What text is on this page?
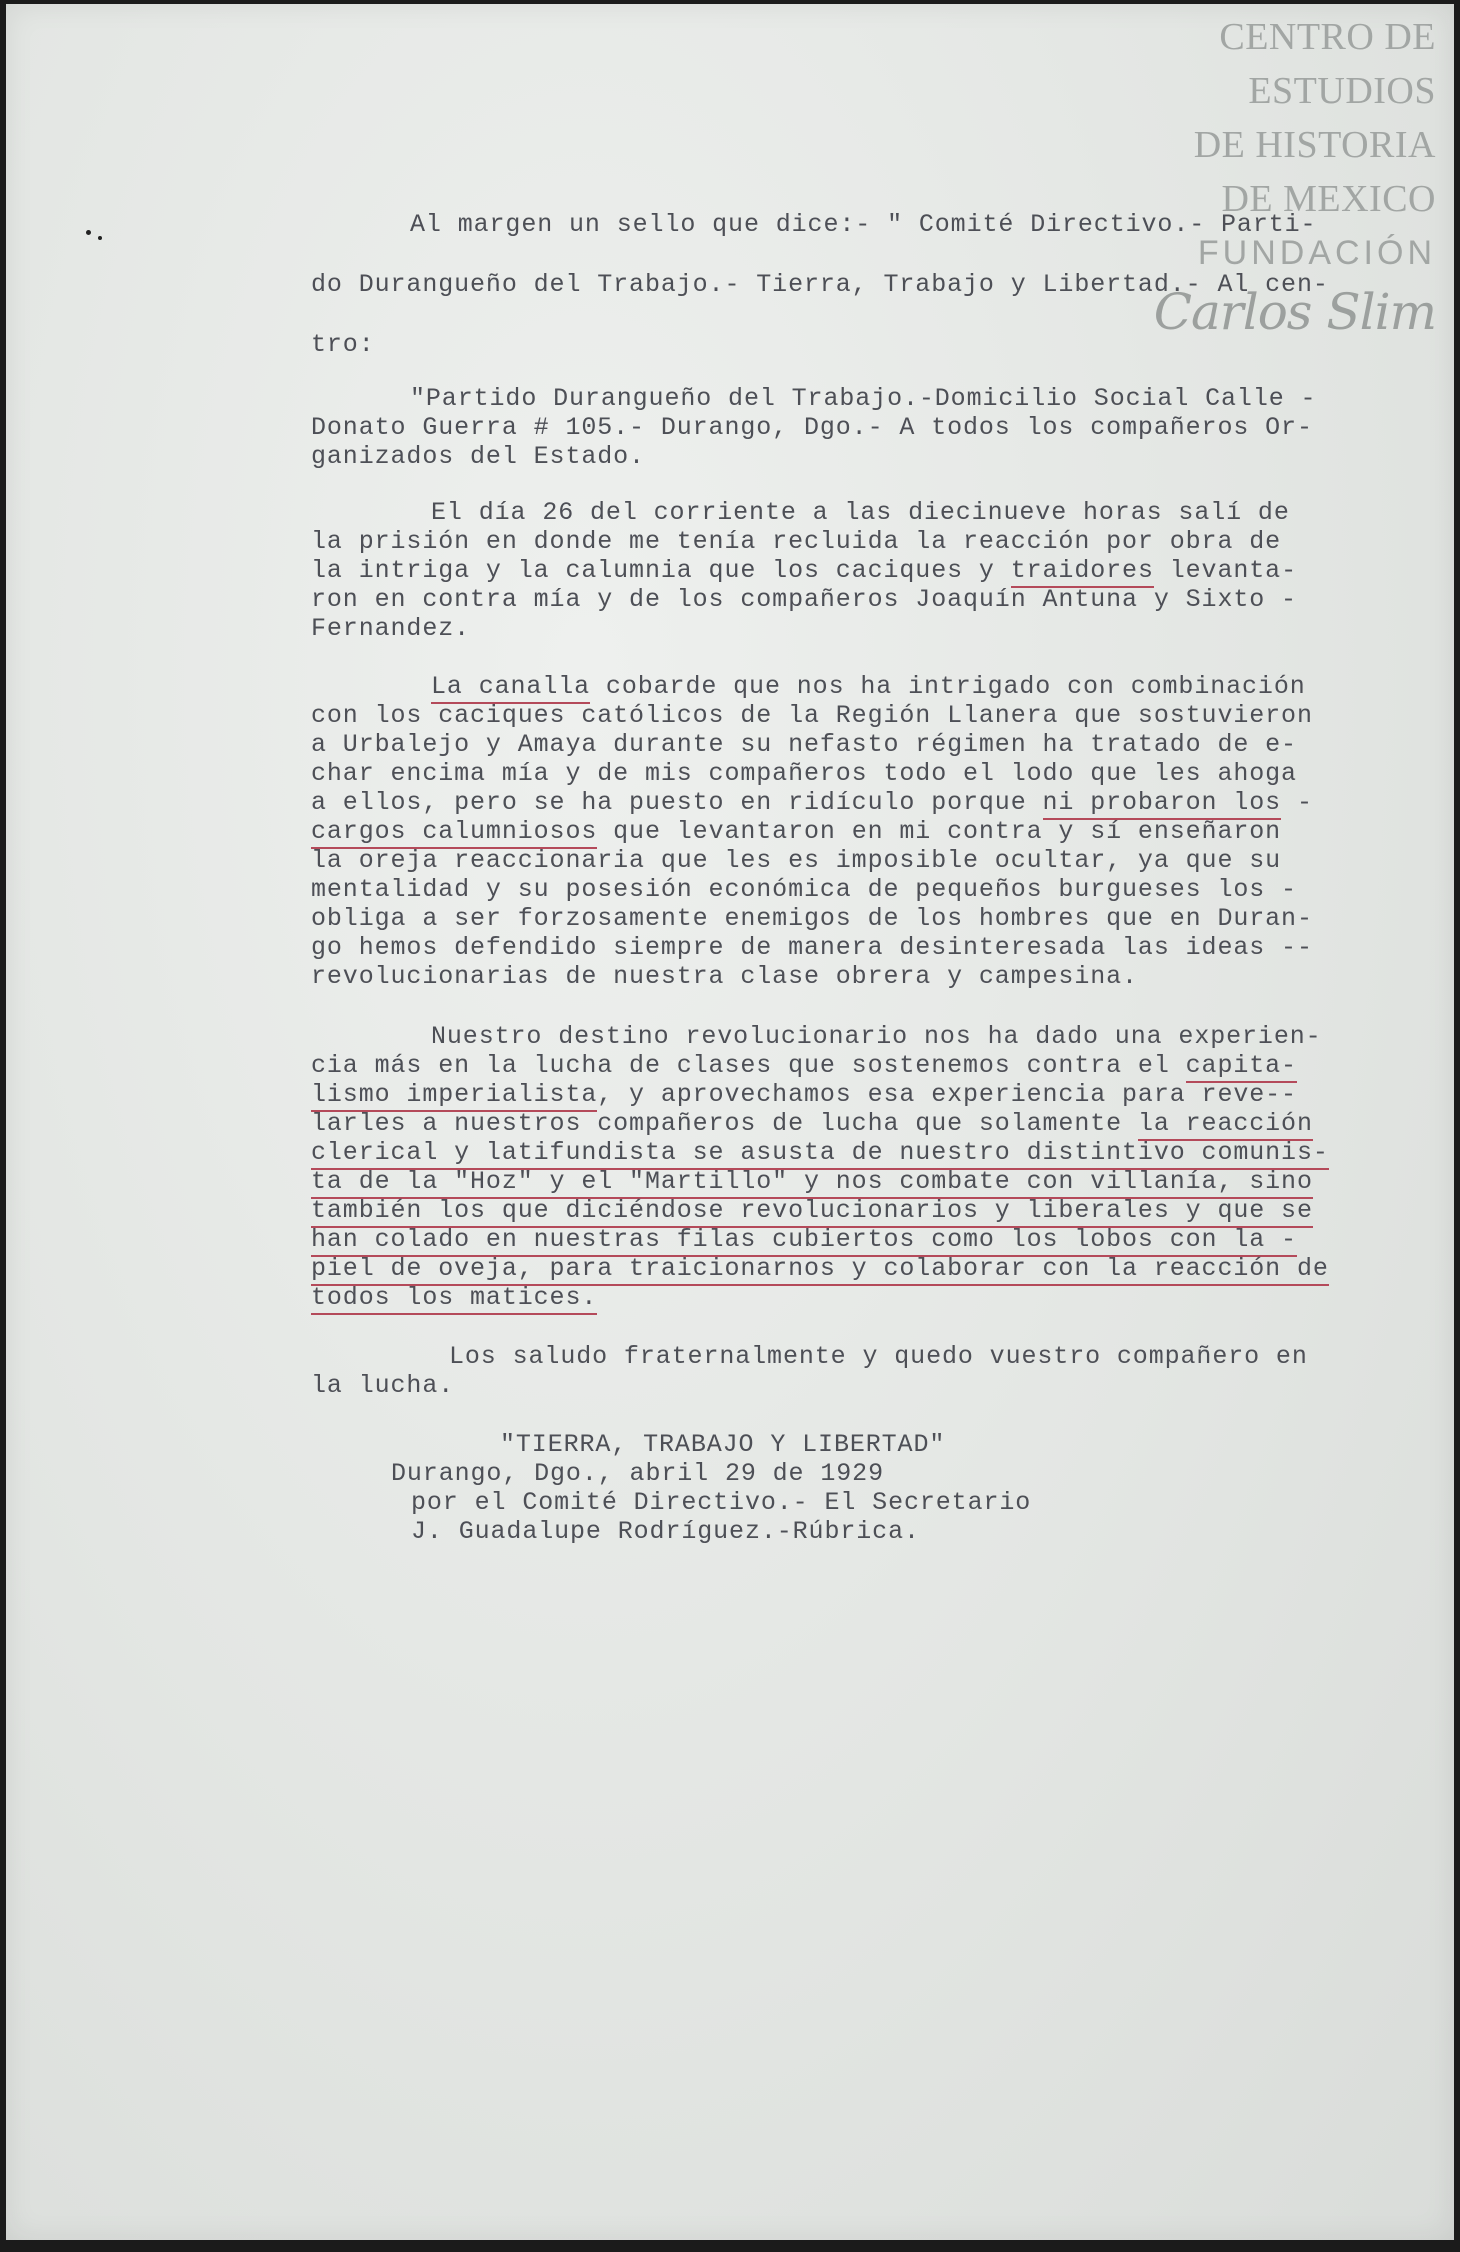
CENTRO DE
ESTUDIOS
DE HISTORIA
DE MEXICO
FUNDACIÓN
Carlos Slim
Al margen un sello que dice:- " Comité Directivo.- Parti-
do Durangueño del Trabajo.- Tierra, Trabajo y Libertad.- Al cen-
tro:
"Partido Durangueño del Trabajo.-Domicilio Social Calle -
Donato Guerra # 105.- Durango, Dgo.- A todos los compañeros Or-
ganizados del Estado.
El día 26 del corriente a las diecinueve horas salí de
la prisión en donde me tenía recluida la reacción por obra de
la intriga y la calumnia que los caciques y traidores levanta-
ron en contra mía y de los compañeros Joaquín Antuna y Sixto -
Fernandez.
La canalla cobarde que nos ha intrigado con combinación
con los caciques católicos de la Región Llanera que sostuvieron
a Urbalejo y Amaya durante su nefasto régimen ha tratado de e-
char encima mía y de mis compañeros todo el lodo que les ahoga
a ellos, pero se ha puesto en ridículo porque ni probaron los -
cargos calumniosos que levantaron en mi contra y sí enseñaron
la oreja reaccionaria que les es imposible ocultar, ya que su
mentalidad y su posesión económica de pequeños burgueses los -
obliga a ser forzosamente enemigos de los hombres que en Duran-
go hemos defendido siempre de manera desinteresada las ideas --
revolucionarias de nuestra clase obrera y campesina.
Nuestro destino revolucionario nos ha dado una experien-
cia más en la lucha de clases que sostenemos contra el capita-
lismo imperialista, y aprovechamos esa experiencia para reve--
larles a nuestros compañeros de lucha que solamente la reacción
clerical y latifundista se asusta de nuestro distintivo comunis-
ta de la "Hoz" y el "Martillo" y nos combate con villanía, sino
también los que diciéndose revolucionarios y liberales y que se
han colado en nuestras filas cubiertos como los lobos con la -
piel de oveja, para traicionarnos y colaborar con la reacción de
todos los matices.
Los saludo fraternalmente y quedo vuestro compañero en
la lucha.
"TIERRA, TRABAJO Y LIBERTAD"
Durango, Dgo., abril 29 de 1929
por el Comité Directivo.- El Secretario
J. Guadalupe Rodríguez.-Rúbrica.
